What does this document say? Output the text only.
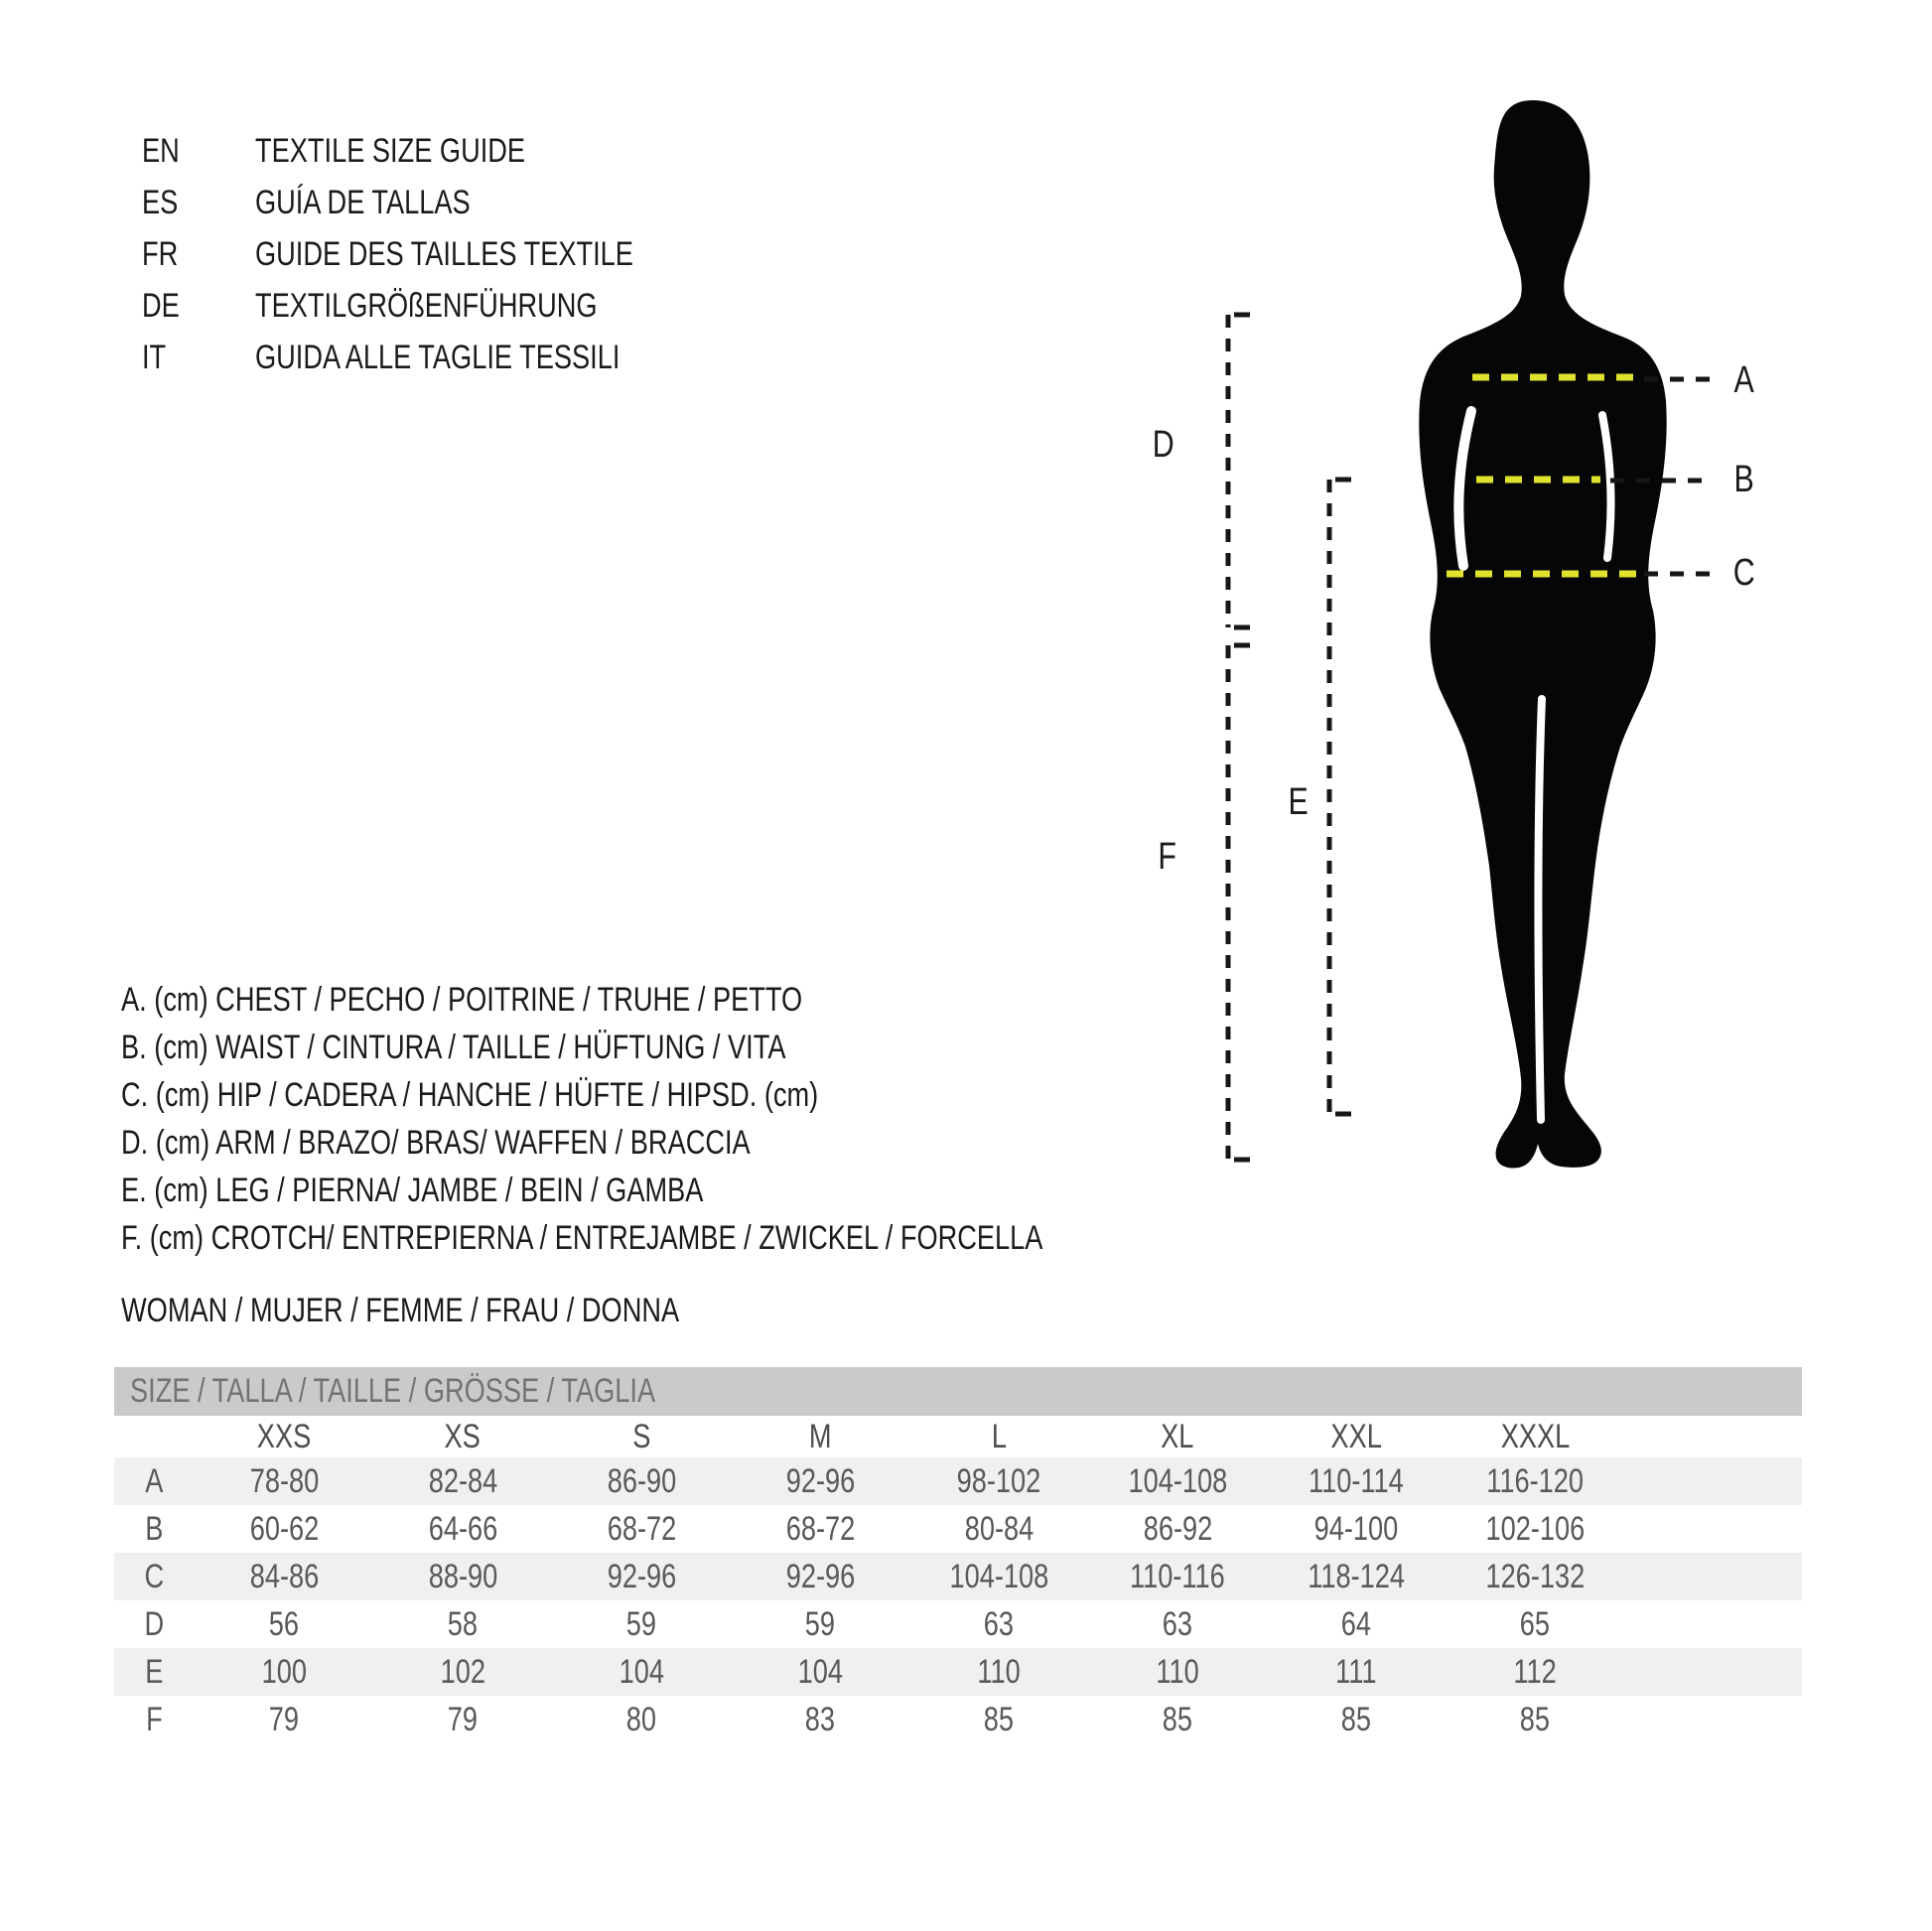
D
E
F
A
B
C
EN	TEXTILE SIZE GUIDE
ES	GUÍA DE TALLAS
FR	GUIDE DES TAILLES TEXTILE
DE	TEXTILGRÖßENFÜHRUNG
IT	GUIDA ALLE TAGLIE TESSILI
A. (cm) CHEST / PECHO / POITRINE / TRUHE / PETTO
B. (cm) WAIST / CINTURA / TAILLE / HÜFTUNG / VITA
C. (cm) HIP / CADERA / HANCHE / HÜFTE / HIPSD. (cm)
D. (cm) ARM / BRAZO/ BRAS/ WAFFEN / BRACCIA
E. (cm) LEG / PIERNA/ JAMBE / BEIN / GAMBA
F. (cm) CROTCH/ ENTREPIERNA / ENTREJAMBE / ZWICKEL / FORCELLA
WOMAN / MUJER / FEMME / FRAU / DONNA
SIZE / TALLA / TAILLE / GRÖSSE / TAGLIA
XXS	XS	S	M	L	XL	XXL	XXXL
A	78-80	82-84	86-90	92-96	98-102	104-108	110-114	116-120
B	60-62	64-66	68-72	68-72	80-84	86-92	94-100	102-106
C	84-86	88-90	92-96	92-96	104-108	110-116	118-124	126-132
D	56	58	59	59	63	63	64	65
E	100	102	104	104	110	110	111	112
F	79	79	80	83	85	85	85	85
